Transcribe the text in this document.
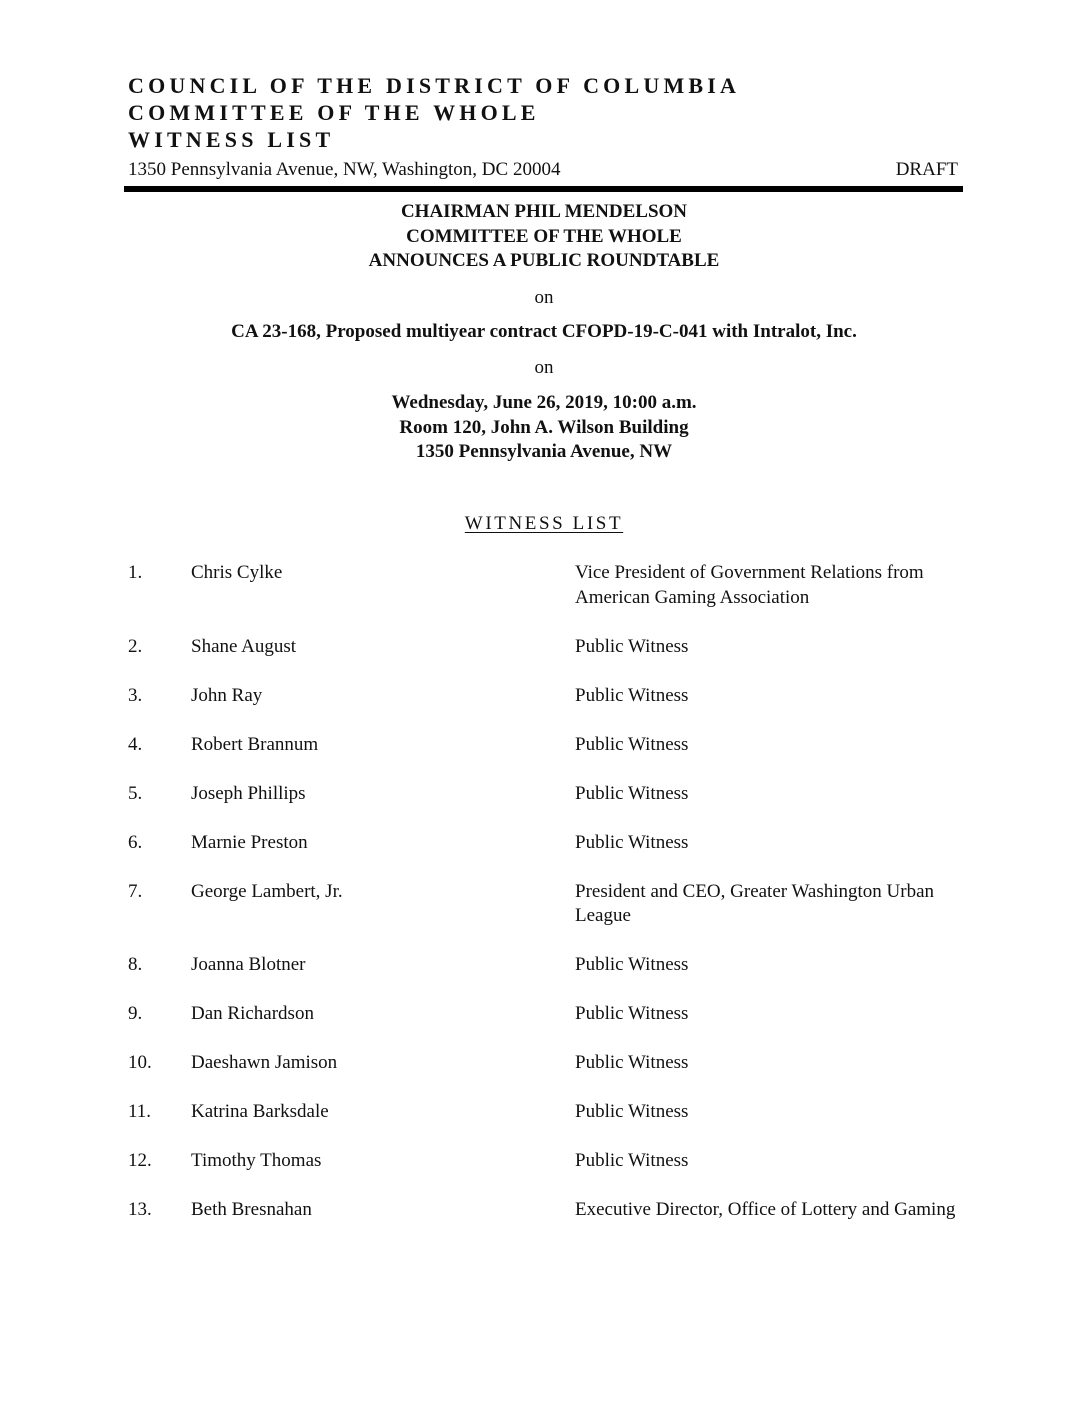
COUNCIL OF THE DISTRICT OF COLUMBIA
COMMITTEE OF THE WHOLE
WITNESS LIST
1350 Pennsylvania Avenue, NW, Washington, DC 20004	DRAFT
CHAIRMAN PHIL MENDELSON
COMMITTEE OF THE WHOLE
ANNOUNCES A PUBLIC ROUNDTABLE
on
CA 23-168, Proposed multiyear contract CFOPD-19-C-041 with Intralot, Inc.
on
Wednesday, June 26, 2019, 10:00 a.m.
Room 120, John A. Wilson Building
1350 Pennsylvania Avenue, NW
WITNESS LIST
1.	Chris Cylke	Vice President of Government Relations from American Gaming Association
2.	Shane August	Public Witness
3.	John Ray	Public Witness
4.	Robert Brannum	Public Witness
5.	Joseph Phillips	Public Witness
6.	Marnie Preston	Public Witness
7.	George Lambert, Jr.	President and CEO, Greater Washington Urban League
8.	Joanna Blotner	Public Witness
9.	Dan Richardson	Public Witness
10. Daeshawn Jamison	Public Witness
11. Katrina Barksdale	Public Witness
12. Timothy Thomas	Public Witness
13. Beth Bresnahan	Executive Director, Office of Lottery and Gaming
